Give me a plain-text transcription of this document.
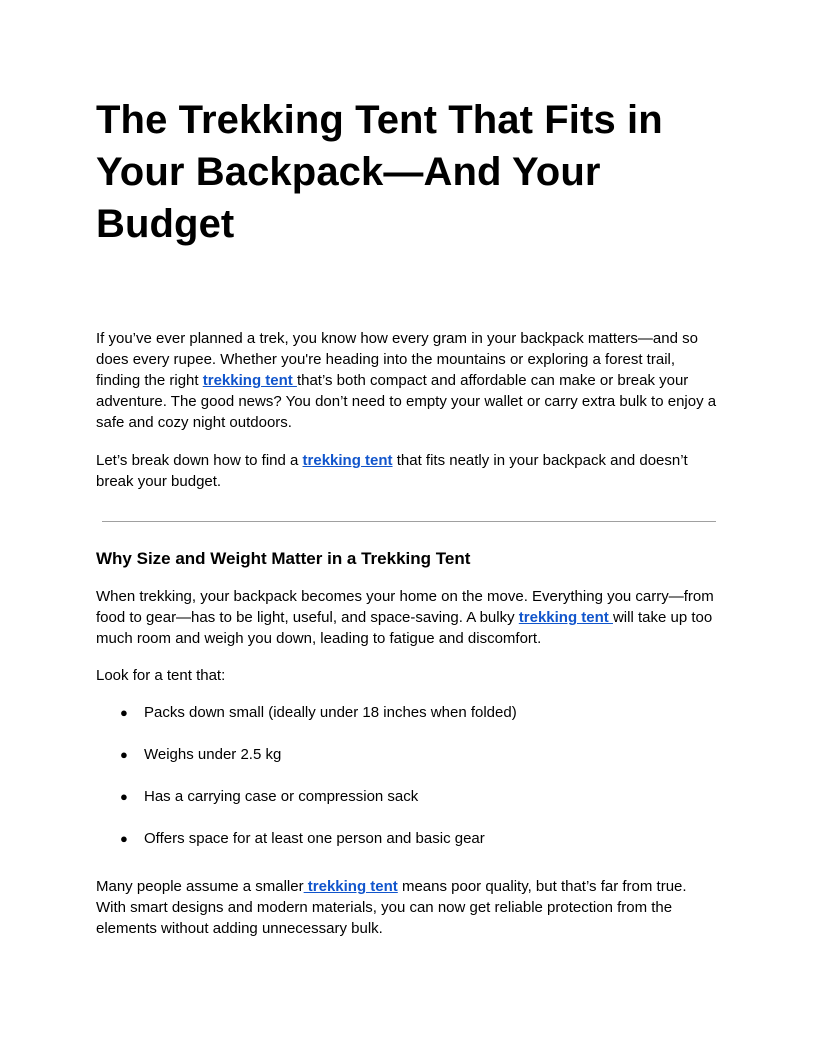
The Trekking Tent That Fits in Your Backpack—And Your Budget

If you’ve ever planned a trek, you know how every gram in your backpack matters—and so does every rupee. Whether you're heading into the mountains or exploring a forest trail, finding the right trekking tent that’s both compact and affordable can make or break your adventure. The good news? You don’t need to empty your wallet or carry extra bulk to enjoy a safe and cozy night outdoors.

Let’s break down how to find a trekking tent that fits neatly in your backpack and doesn’t break your budget.

Why Size and Weight Matter in a Trekking Tent

When trekking, your backpack becomes your home on the move. Everything you carry—from food to gear—has to be light, useful, and space-saving. A bulky trekking tent will take up too much room and weigh you down, leading to fatigue and discomfort.

Look for a tent that:

● Packs down small (ideally under 18 inches when folded)
● Weighs under 2.5 kg
● Has a carrying case or compression sack
● Offers space for at least one person and basic gear

Many people assume a smaller trekking tent means poor quality, but that’s far from true. With smart designs and modern materials, you can now get reliable protection from the elements without adding unnecessary bulk.
